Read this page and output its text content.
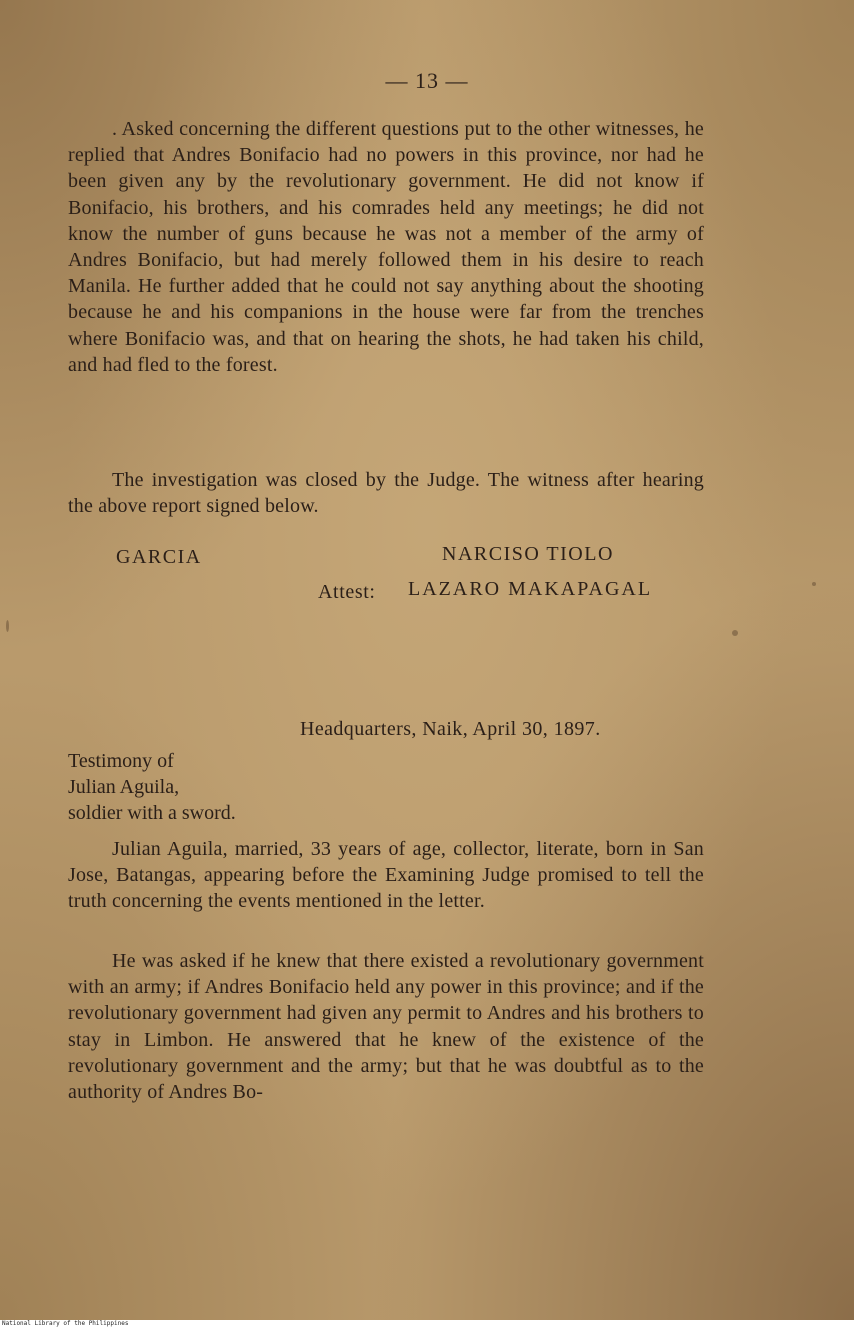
— 13 —
. Asked concerning the different questions put to the other witnesses, he replied that Andres Bonifacio had no powers in this province, nor had he been given any by the revolutionary government. He did not know if Bonifacio, his brothers, and his comrades held any meetings; he did not know the number of guns because he was not a member of the army of Andres Bonifacio, but had merely followed them in his desire to reach Manila. He further added that he could not say anything about the shooting because he and his companions in the house were far from the trenches where Bonifacio was, and that on hearing the shots, he had taken his child, and had fled to the forest.
The investigation was closed by the Judge. The witness after hearing the above report signed below.
GARCIA	NARCISO TIOLO
Attest: LAZARO MAKAPAGAL
Headquarters, Naik, April 30, 1897.
Testimony of
Julian Aguila,
soldier with a sword.
Julian Aguila, married, 33 years of age, collector, literate, born in San Jose, Batangas, appearing before the Examining Judge promised to tell the truth concerning the events mentioned in the letter.
He was asked if he knew that there existed a revolutionary government with an army; if Andres Bonifacio held any power in this province; and if the revolutionary government had given any permit to Andres and his brothers to stay in Limbon. He answered that he knew of the existence of the revolutionary government and the army; but that he was doubtful as to the authority of Andres Bo-
National Library of the Philippines
